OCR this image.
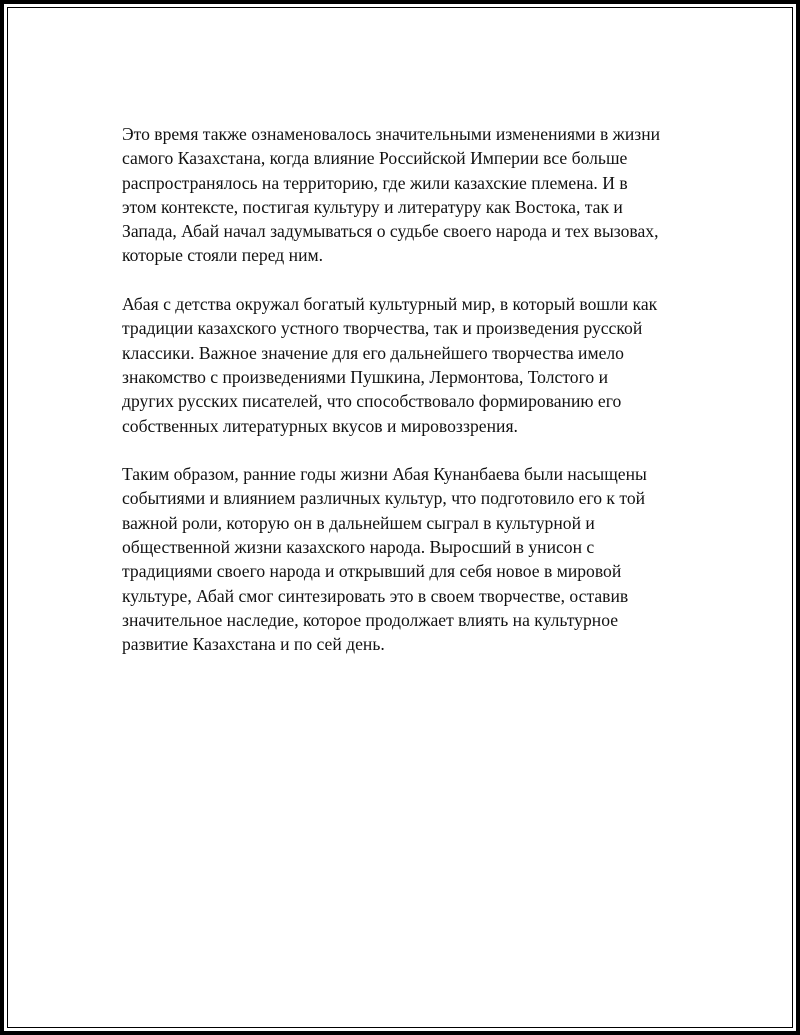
Это время также ознаменовалось значительными изменениями в жизни
самого Казахстана, когда влияние Российской Империи все больше
распространялось на территорию, где жили казахские племена. И в
этом контексте, постигая культуру и литературу как Востока, так и
Запада, Абай начал задумываться о судьбе своего народа и тех вызовах,
которые стояли перед ним.

Абая с детства окружал богатый культурный мир, в который вошли как
традиции казахского устного творчества, так и произведения русской
классики. Важное значение для его дальнейшего творчества имело
знакомство с произведениями Пушкина, Лермонтова, Толстого и
других русских писателей, что способствовало формированию его
собственных литературных вкусов и мировоззрения.

Таким образом, ранние годы жизни Абая Кунанбаева были насыщены
событиями и влиянием различных культур, что подготовило его к той
важной роли, которую он в дальнейшем сыграл в культурной и
общественной жизни казахского народа. Выросший в унисон с
традициями своего народа и открывший для себя новое в мировой
культуре, Абай смог синтезировать это в своем творчестве, оставив
значительное наследие, которое продолжает влиять на культурное
развитие Казахстана и по сей день.
